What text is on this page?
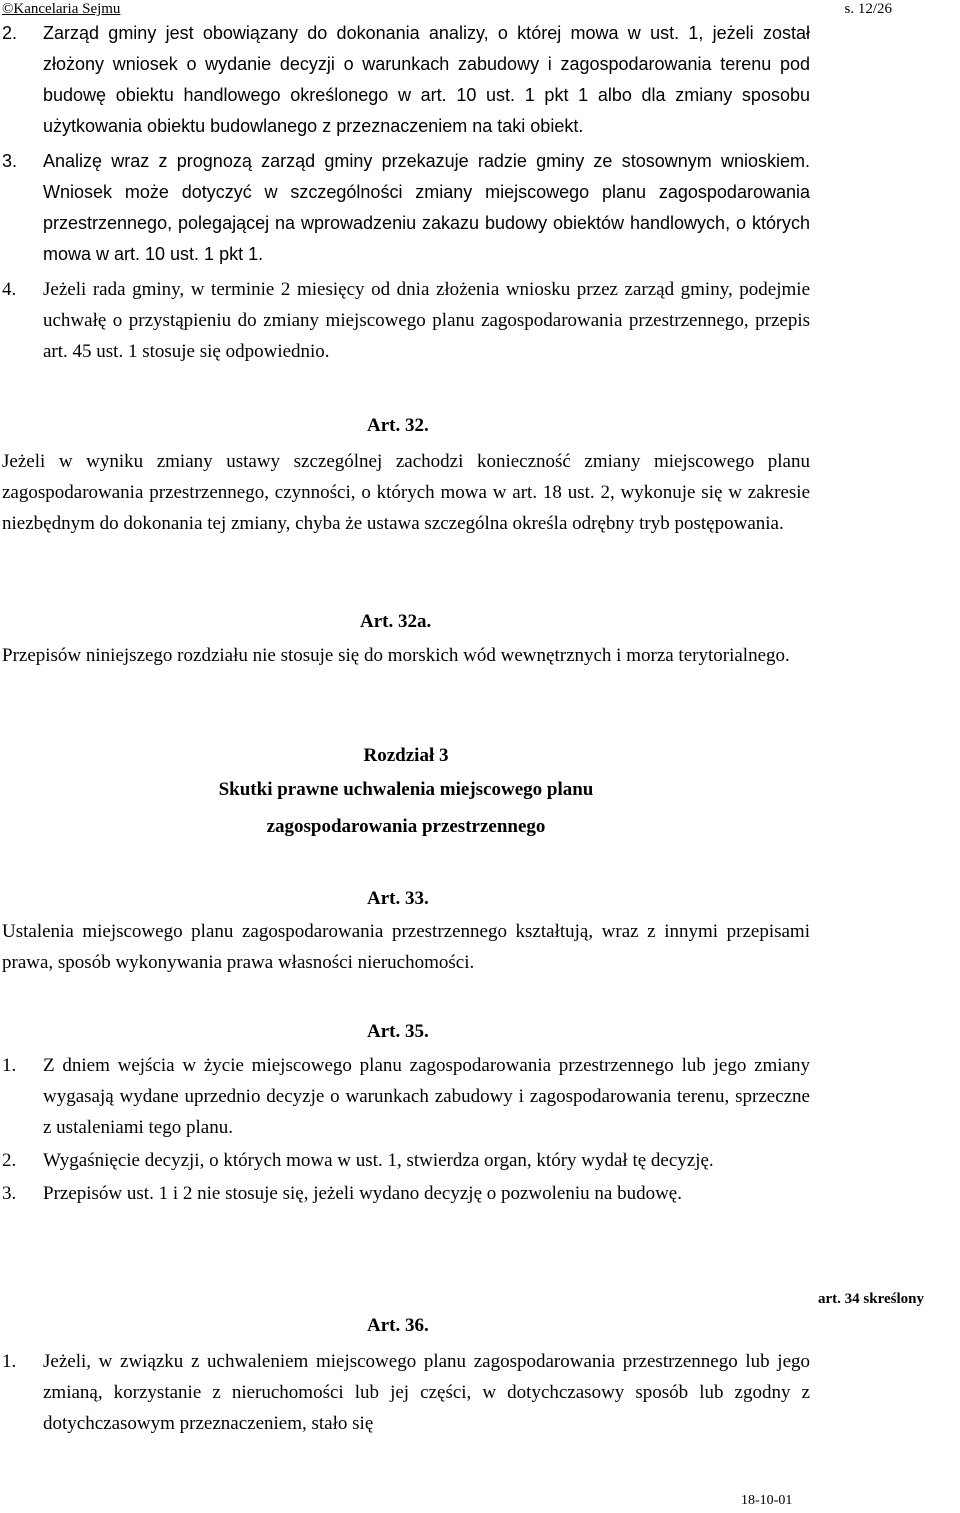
©Kancelaria Sejmu	s. 12/26
2.	Zarząd gminy jest obowiązany do dokonania analizy, o której mowa w ust. 1, jeżeli został złożony wniosek o wydanie decyzji o warunkach zabudowy i zagospodarowania terenu pod budowę obiektu handlowego określonego w art. 10 ust. 1 pkt 1 albo dla zmiany sposobu użytkowania obiektu budowlanego z przeznaczeniem na taki obiekt.
3.	Analizę wraz z prognozą zarząd gminy przekazuje radzie gminy ze stosownym wnioskiem. Wniosek może dotyczyć w szczególności zmiany miejscowego planu zagospodarowania przestrzennego, polegającej na wprowadzeniu zakazu budowy obiektów handlowych, o których mowa w art. 10 ust. 1 pkt 1.
4.	Jeżeli rada gminy, w terminie 2 miesięcy od dnia złożenia wniosku przez zarząd gminy, podejmie uchwałę o przystąpieniu do zmiany miejscowego planu zagospodarowania przestrzennego, przepis art. 45 ust. 1 stosuje się odpowiednio.
Art. 32.

Jeżeli w wyniku zmiany ustawy szczególnej zachodzi konieczność zmiany miejscowego planu zagospodarowania przestrzennego, czynności, o których mowa w art. 18 ust. 2, wykonuje się w zakresie niezbędnym do dokonania tej zmiany, chyba że ustawa szczególna określa odrębny tryb postępowania.

Art. 32a.

Przepisów niniejszego rozdziału nie stosuje się do morskich wód wewnętrznych i morza terytorialnego.

Rozdział 3
Skutki prawne uchwalenia miejscowego planu
zagospodarowania przestrzennego
Art. 33.

Ustalenia miejscowego planu zagospodarowania przestrzennego kształtują, wraz z innymi przepisami prawa, sposób wykonywania prawa własności nieruchomości.

Art. 35.
1.	Z dniem wejścia w życie miejscowego planu zagospodarowania przestrzennego lub jego zmiany wygasają wydane uprzednio decyzje o warunkach zabudowy i zagospodarowania terenu, sprzeczne z ustaleniami tego planu.
2.	Wygaśnięcie decyzji, o których mowa w ust. 1, stwierdza organ, który wydał tę decyzję.
3.	Przepisów ust. 1 i 2 nie stosuje się, jeżeli wydano decyzję o pozwoleniu na budowę.
art. 34 skreślony
Art. 36.
1.	Jeżeli, w związku z uchwaleniem miejscowego planu zagospodarowania przestrzennego lub jego zmianą, korzystanie z nieruchomości lub jej części, w dotychczasowy sposób lub zgodny z dotychczasowym przeznaczeniem, stało się
18-10-01
